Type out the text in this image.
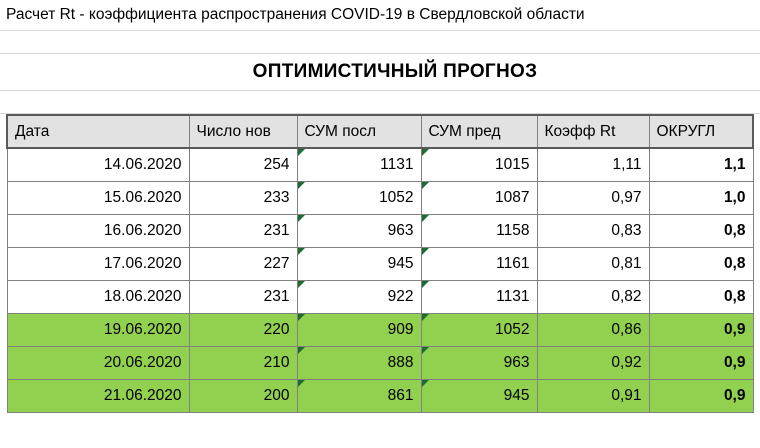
Расчет Rt - коэффициента распространения COVID-19 в Свердловской области
ОПТИМИСТИЧНЫЙ ПРОГНОЗ
Дата	Число нов	СУМ посл	СУМ пред	Коэфф Rt	ОКРУГЛ
14.06.2020	254	1131	1015	1,11	1,1
15.06.2020	233	1052	1087	0,97	1,0
16.06.2020	231	963	1158	0,83	0,8
17.06.2020	227	945	1161	0,81	0,8
18.06.2020	231	922	1131	0,82	0,8
19.06.2020	220	909	1052	0,86	0,9
20.06.2020	210	888	963	0,92	0,9
21.06.2020	200	861	945	0,91	0,9
